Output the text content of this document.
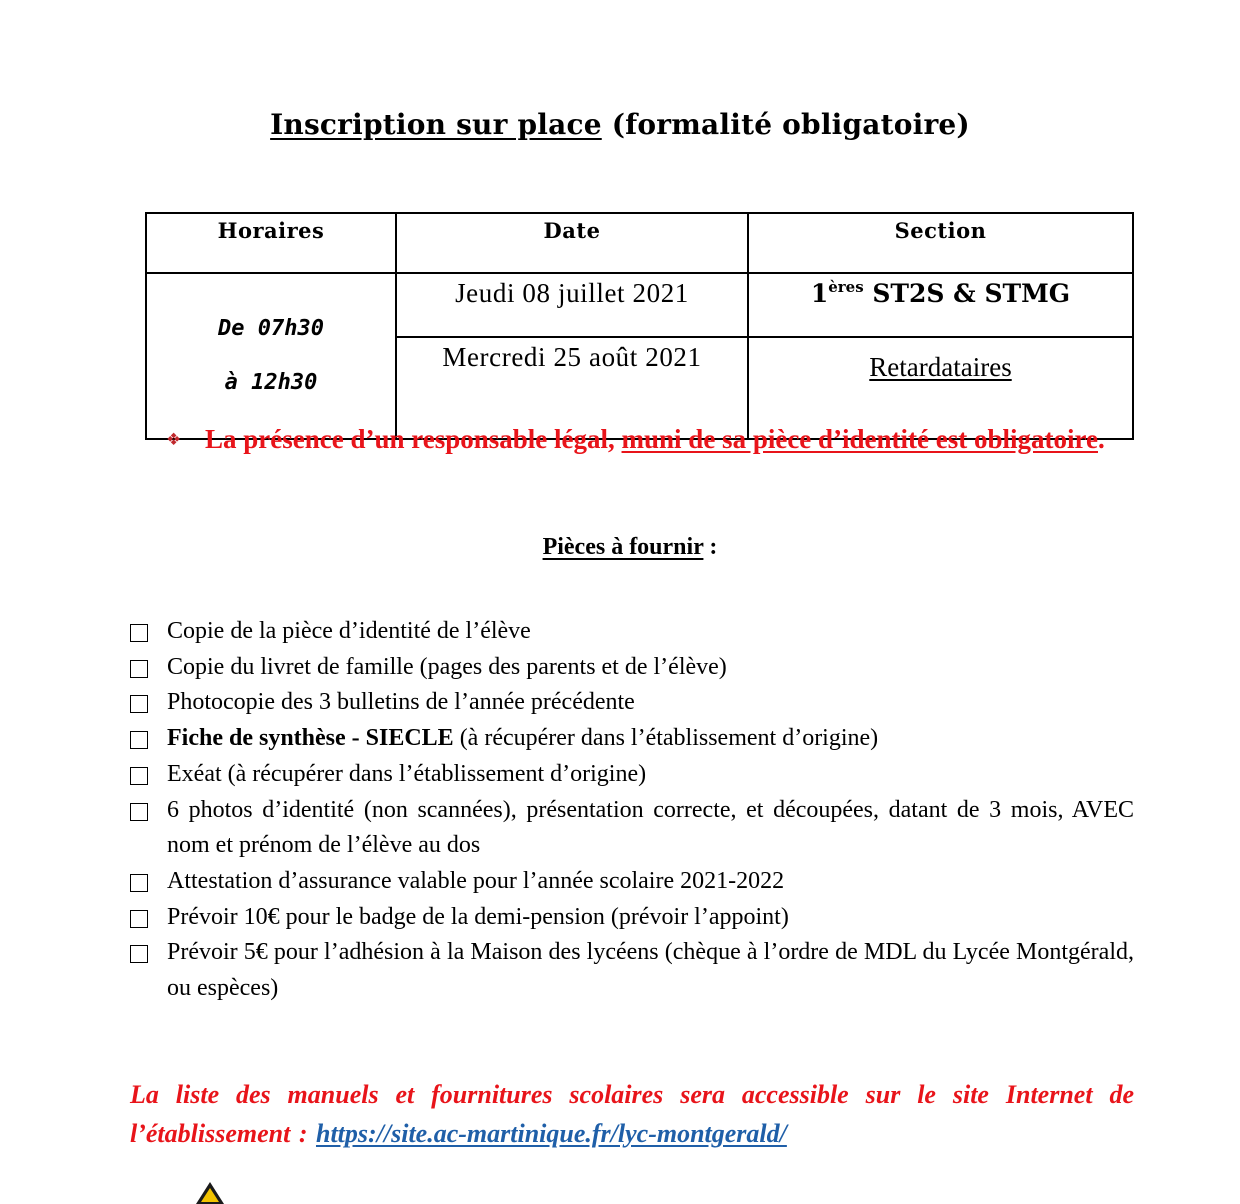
Inscription sur place (formalité obligatoire)
Horaires	Date	Section

De 07h30
à 12h30	Jeudi 08 juillet 2021	1ères ST2S & STMG
	Mercredi 25 août 2021	Retardataires
❖ La présence d’un responsable légal, muni de sa pièce d’identité est obligatoire.
Pièces à fournir :
Copie de la pièce d’identité de l’élève
Copie du livret de famille (pages des parents et de l’élève)
Photocopie des 3 bulletins de l’année précédente
Fiche de synthèse - SIECLE (à récupérer dans l’établissement d’origine)
Exéat (à récupérer dans l’établissement d’origine)
6 photos d’identité (non scannées), présentation correcte, et découpées, datant de 3 mois, AVEC nom et prénom de l’élève au dos
Attestation d’assurance valable pour l’année scolaire 2021-2022
Prévoir 10€ pour le badge de la demi-pension (prévoir l’appoint)
Prévoir 5€ pour l’adhésion à la Maison des lycéens (chèque à l’ordre de MDL du Lycée Montgérald, ou espèces)
La liste des manuels et fournitures scolaires sera accessible sur le site Internet de l’établissement : https://site.ac-martinique.fr/lyc-montgerald/
